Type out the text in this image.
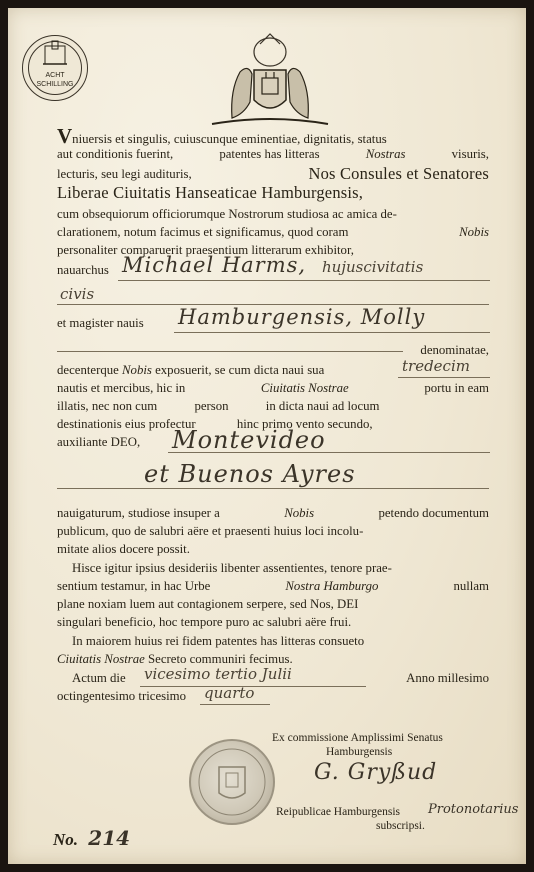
ACHT
SCHILLING
Vniuersis et singulis, cuiuscunque eminentiae, dignitatis, status
aut conditionis fuerint,	patentes has litteras	Nostras	visuris,
lecturis, seu legi audituris,	Nos Consules et Senatores
Liberae Ciuitatis Hanseaticae Hamburgensis,
cum obsequiorum officiorumque Nostrorum studiosa ac amica de-
clarationem, notum facimus et significamus, quod coram	Nobis
personaliter comparuerit praesentium litterarum exhibitor,
nauarchus Michael Harms, hujuscivitatis
civis
et magister nauis	Hamburgensis, Molly
denominatae,
decenterque Nobis exposuerit, se cum dicta naui sua	tredecim
nautis et mercibus, hic in	Ciuitatis Nostrae	portu in eam
illatis, nec non cum	person	in dicta naui ad locum
destinationis eius profectur	hinc primo vento secundo,
auxiliante DEO,	Montevideo
et Buenos Ayres
nauigaturum, studiose insuper a	Nobis	petendo documentum
publicum, quo de salubri aëre et praesenti huius loci incolu-
mitate alios docere possit.
Hisce igitur ipsius desideriis libenter assentientes, tenore prae-
sentium testamur, in hac Urbe	Nostra Hamburgo	nullam
plane noxiam luem aut contagionem serpere, sed Nos, DEI
singulari beneficio, hoc tempore puro ac salubri aëre frui.
In maiorem huius rei fidem patentes has litteras consueto
Ciuitatis Nostrae Secreto communiri fecimus.
Actum die	Anno millesimo
vicesimo tertio Julii
octingentesimo tricesimo	quarto
Ex commissione Amplissimi Senatus
Hamburgensis
G. Gryßud
Reipublicae Hamburgensis Protonotarius
subscripsi.
No. 214
